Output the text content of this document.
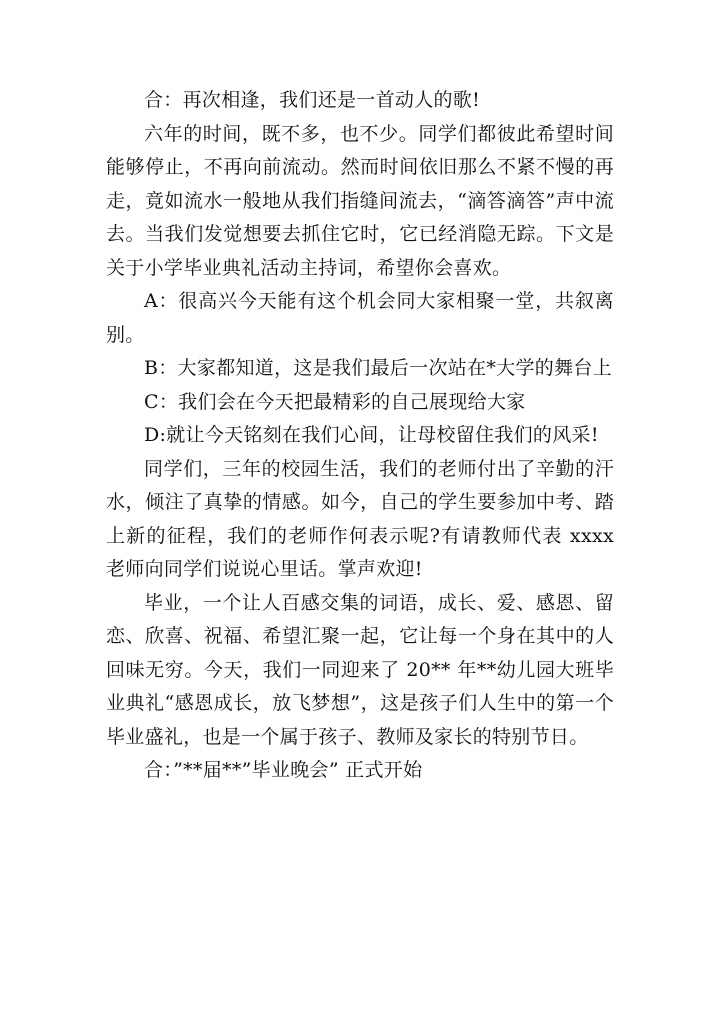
合：再次相逢，我们还是一首动人的歌!

六年的时间，既不多，也不少。同学们都彼此希望时间能够停止，不再向前流动。然而时间依旧那么不紧不慢的再走，竟如流水一般地从我们指缝间流去，“滴答滴答”声中流去。当我们发觉想要去抓住它时，它已经消隐无踪。下文是关于小学毕业典礼活动主持词，希望你会喜欢。

A：很高兴今天能有这个机会同大家相聚一堂，共叙离别。

B：大家都知道，这是我们最后一次站在*大学的舞台上

C：我们会在今天把最精彩的自己展现给大家

D:就让今天铭刻在我们心间，让母校留住我们的风采!

同学们，三年的校园生活，我们的老师付出了辛勤的汗水，倾注了真挚的情感。如今，自己的学生要参加中考、踏上新的征程，我们的老师作何表示呢?有请教师代表 xxxx 老师向同学们说说心里话。掌声欢迎!

毕业，一个让人百感交集的词语，成长、爱、感恩、留恋、欣喜、祝福、希望汇聚一起，它让每一个身在其中的人回味无穷。今天，我们一同迎来了 20** 年**幼儿园大班毕业典礼“感恩成长，放飞梦想”，这是孩子们人生中的第一个毕业盛礼，也是一个属于孩子、教师及家长的特别节日。

合：”**届**”毕业晚会” 正式开始
